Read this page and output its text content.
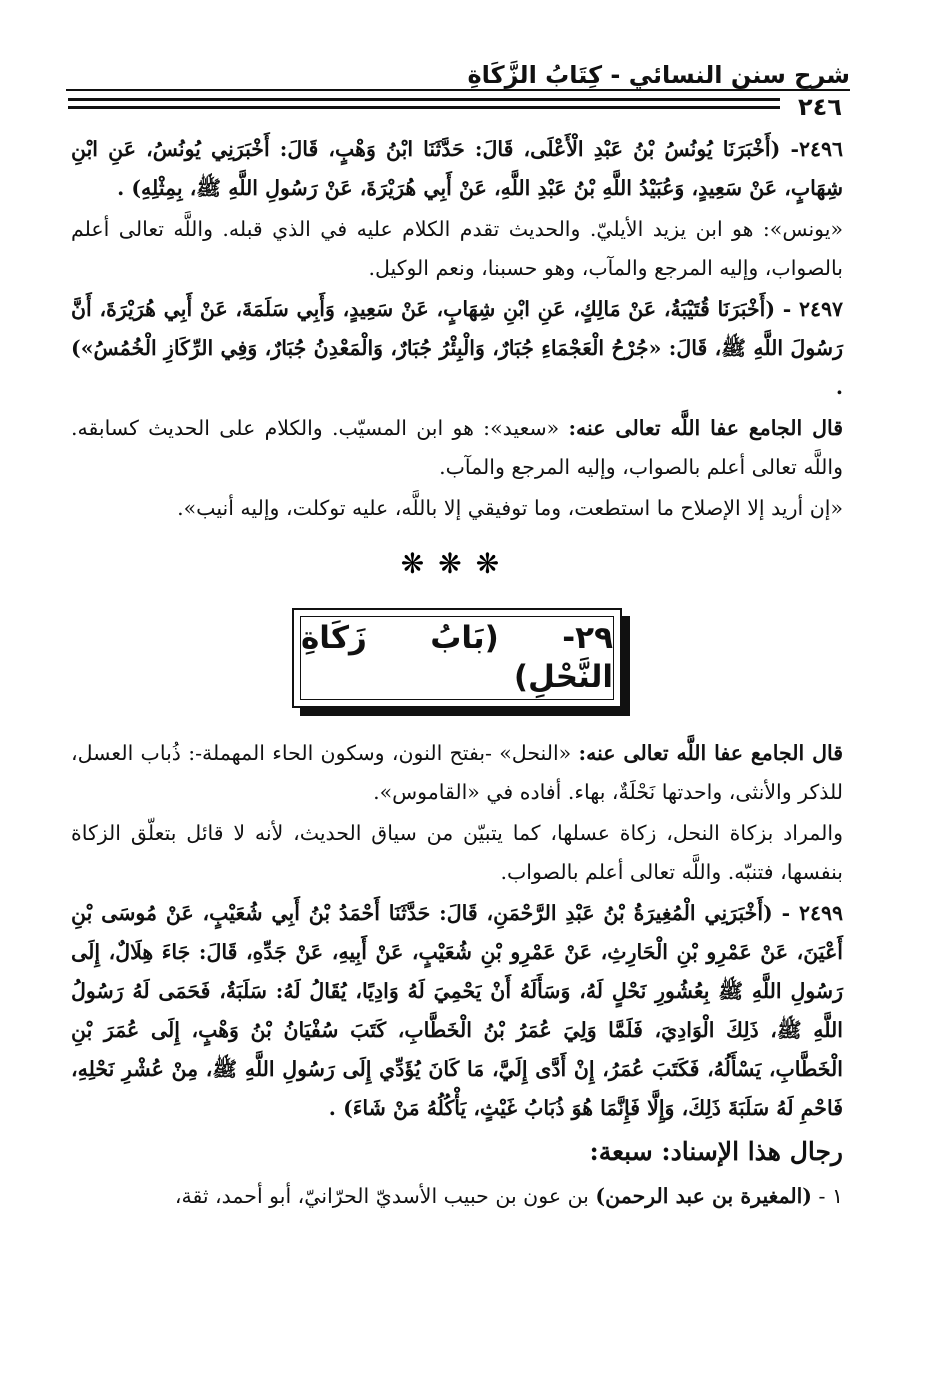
شرح سنن النسائي - كِتَابُ الزَّكَاةِ
٢٤٦

٢٤٩٦- (أَخْبَرَنَا يُونُسُ بْنُ عَبْدِ الْأَعْلَى، قَالَ: حَدَّثَنَا ابْنُ وَهْبٍ، قَالَ: أَخْبَرَنِي يُونُسُ، عَنِ ابْنِ شِهَابٍ، عَنْ سَعِيدٍ، وَعُبَيْدُ اللَّهِ بْنُ عَبْدِ اللَّهِ، عَنْ أَبِي هُرَيْرَةَ، عَنْ رَسُولِ اللَّهِ ﷺ، بِمِثْلِهِ) .

«يونس»: هو ابن يزيد الأيليّ. والحديث تقدم الكلام عليه في الذي قبله. واللَّه تعالى أعلم بالصواب، وإليه المرجع والمآب، وهو حسبنا، ونعم الوكيل.

٢٤٩٧ - (أَخْبَرَنَا قُتَيْبَةُ، عَنْ مَالِكٍ، عَنِ ابْنِ شِهَابٍ، عَنْ سَعِيدٍ، وَأَبِي سَلَمَةَ، عَنْ أَبِي هُرَيْرَةَ، أَنَّ رَسُولَ اللَّهِ ﷺ، قَالَ: «جُرْحُ الْعَجْمَاءِ جُبَارٌ، وَالْبِئْرُ جُبَارٌ، وَالْمَعْدِنُ جُبَارٌ، وَفِي الرِّكَازِ الْخُمُسُ») .

قال الجامع عفا اللَّه تعالى عنه: «سعيد»: هو ابن المسيّب. والكلام على الحديث كسابقه. واللَّه تعالى أعلم بالصواب، وإليه المرجع والمآب.

«إن أريد إلا الإصلاح ما استطعت، وما توفيقي إلا باللَّه، عليه توكلت، وإليه أنيب».

❋❋❋
٢٩- (بَابُ زَكَاةِ النَّحْلِ)

قال الجامع عفا اللَّه تعالى عنه: «النحل» -بفتح النون، وسكون الحاء المهملة-: ذُباب العسل، للذكر والأنثى، واحدتها نَحْلَةٌ، بهاء. أفاده في «القاموس».

والمراد بزكاة النحل، زكاة عسلها، كما يتبيّن من سياق الحديث، لأنه لا قائل بتعلّق الزكاة بنفسها، فتنبّه. واللَّه تعالى أعلم بالصواب.

٢٤٩٩ - (أَخْبَرَنِي الْمُغِيرَةُ بْنُ عَبْدِ الرَّحْمَنِ، قَالَ: حَدَّثَنَا أَحْمَدُ بْنُ أَبِي شُعَيْبٍ، عَنْ مُوسَى بْنِ أَعْيَنَ، عَنْ عَمْرِو بْنِ الْحَارِثِ، عَنْ عَمْرِو بْنِ شُعَيْبٍ، عَنْ أَبِيهِ، عَنْ جَدِّهِ، قَالَ: جَاءَ هِلَالٌ، إِلَى رَسُولِ اللَّهِ ﷺ بِعُشُورِ نَحْلٍ لَهُ، وَسَأَلَهُ أَنْ يَحْمِيَ لَهُ وَادِيًا، يُقَالُ لَهُ: سَلَبَةُ، فَحَمَى لَهُ رَسُولُ اللَّهِ ﷺ، ذَلِكَ الْوَادِيَ، فَلَمَّا وَلِيَ عُمَرُ بْنُ الْخَطَّابِ، كَتَبَ سُفْيَانُ بْنُ وَهْبٍ، إِلَى عُمَرَ بْنِ الْخَطَّابِ، يَسْأَلُهُ، فَكَتَبَ عُمَرُ، إِنْ أَدَّى إِلَيَّ، مَا كَانَ يُؤَدِّي إِلَى رَسُولِ اللَّهِ ﷺ، مِنْ عُشْرِ نَحْلِهِ، فَاحْمِ لَهُ سَلَبَةَ ذَلِكَ، وَإِلَّا فَإِنَّمَا هُوَ ذُبَابُ غَيْثٍ، يَأْكُلُهُ مَنْ شَاءَ) .

رجال هذا الإسناد: سبعة:

١ - (المغيرة بن عبد الرحمن) بن عون بن حبيب الأسديّ الحرّانيّ، أبو أحمد، ثقة،
